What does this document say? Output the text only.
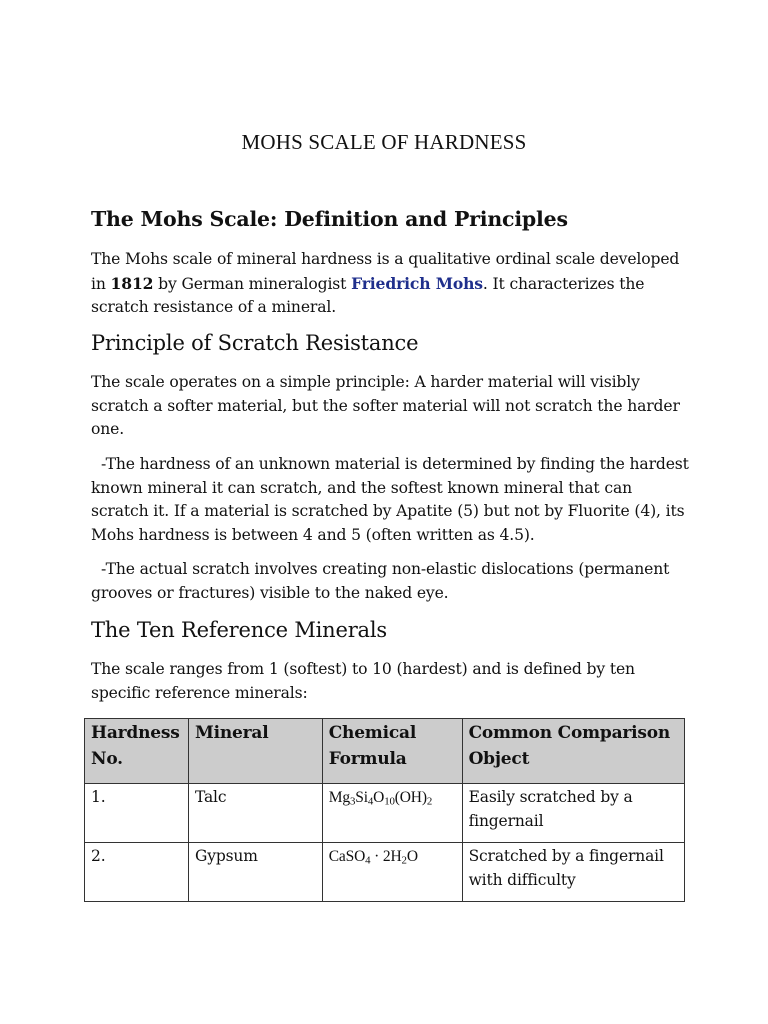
MOHS SCALE OF HARDNESS
The Mohs Scale: Definition and Principles

The Mohs scale of mineral hardness is a qualitative ordinal scale developed in 1812 by German mineralogist Friedrich Mohs. It characterizes the scratch resistance of a mineral.

Principle of Scratch Resistance

The scale operates on a simple principle: A harder material will visibly scratch a softer material, but the softer material will not scratch the harder one.

-The hardness of an unknown material is determined by finding the hardest known mineral it can scratch, and the softest known mineral that can scratch it. If a material is scratched by Apatite (5) but not by Fluorite (4), its Mohs hardness is between 4 and 5 (often written as 4.5).

-The actual scratch involves creating non-elastic dislocations (permanent grooves or fractures) visible to the naked eye.

The Ten Reference Minerals

The scale ranges from 1 (softest) to 10 (hardest) and is defined by ten specific reference minerals:

Hardness No.	Mineral	Chemical Formula	Common Comparison Object
1.	Talc	$Mg_3Si_4O_{10}(OH)_2$	Easily scratched by a fingernail
2.	Gypsum	CaSO$_4$ · $2H_2O$	Scratched by a fingernail with difficulty
